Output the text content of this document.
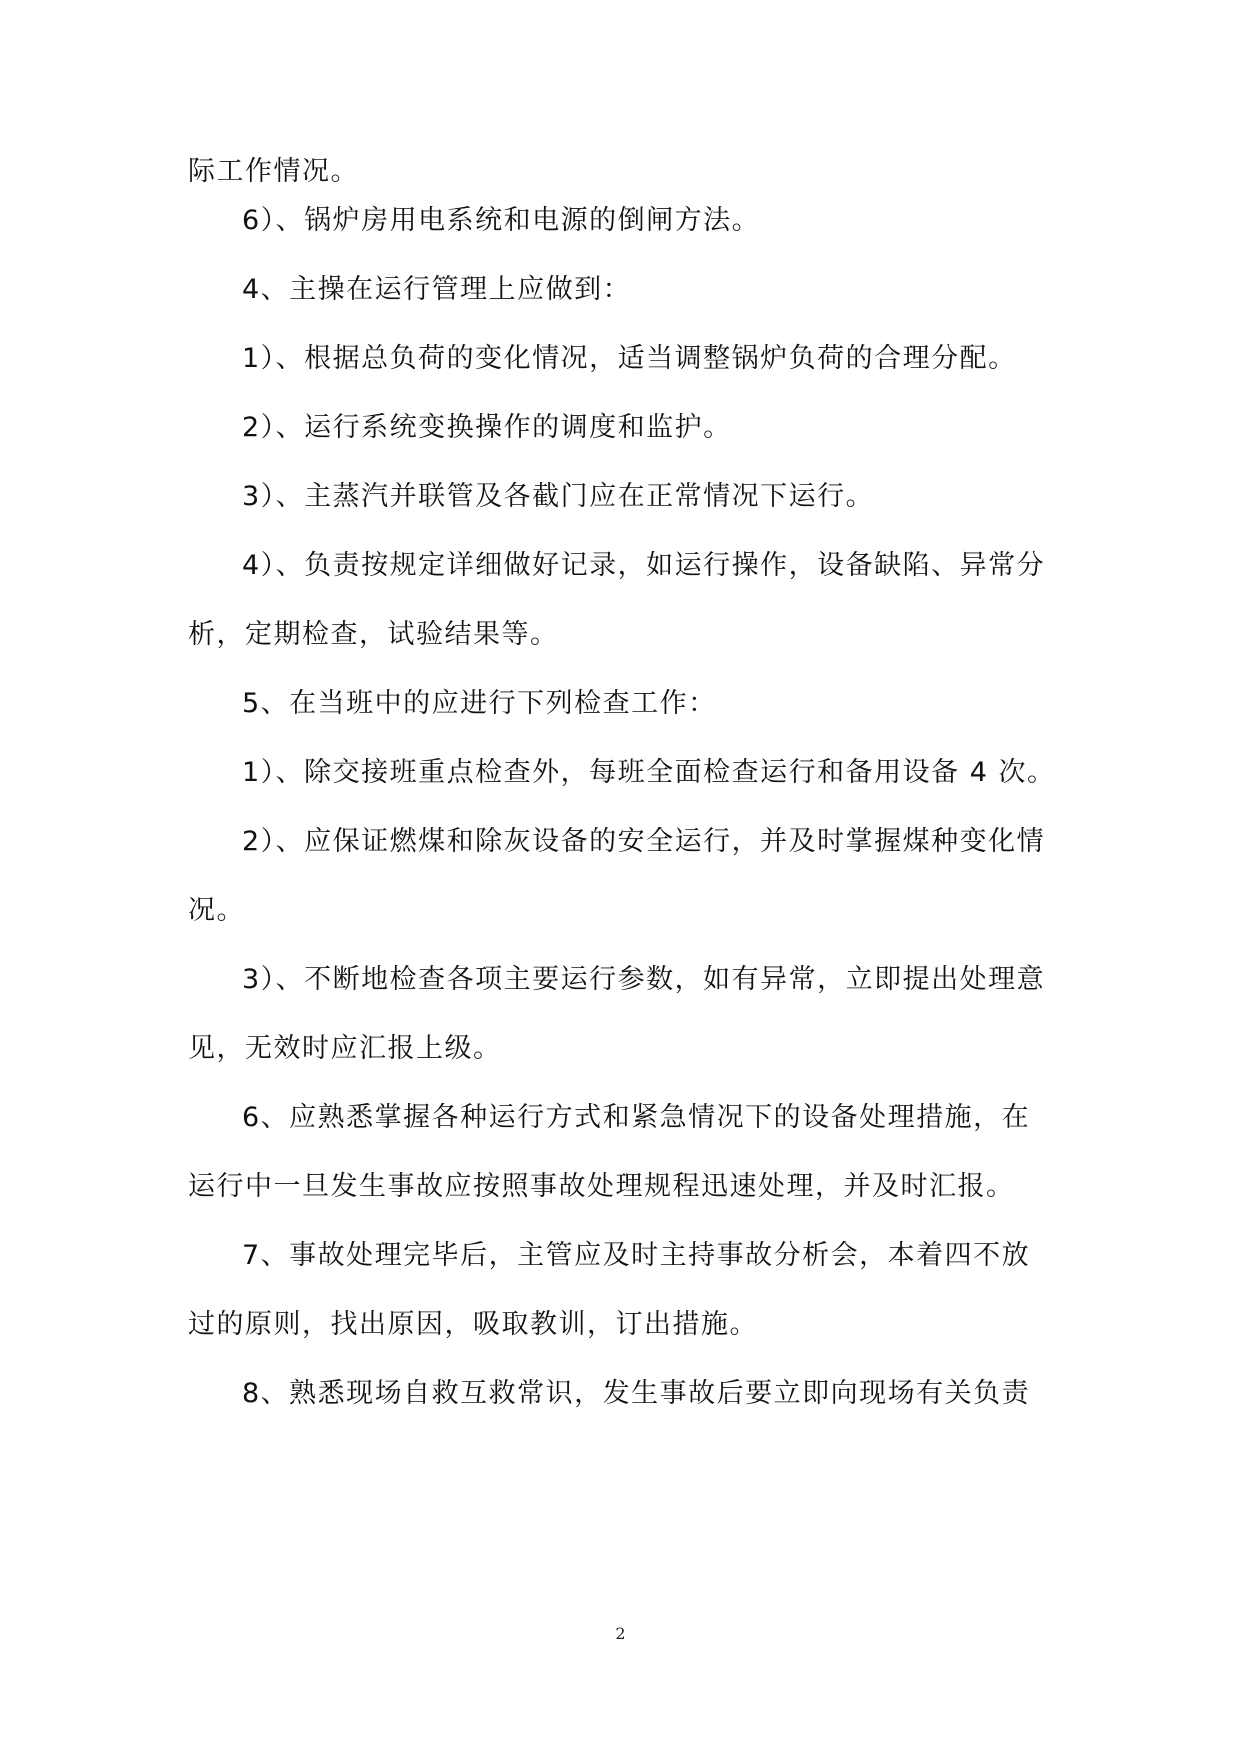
际工作情况。
6）、锅炉房用电系统和电源的倒闸方法。
4、主操在运行管理上应做到：
1）、根据总负荷的变化情况，适当调整锅炉负荷的合理分配。
2）、运行系统变换操作的调度和监护。
3）、主蒸汽并联管及各截门应在正常情况下运行。
4）、负责按规定详细做好记录，如运行操作，设备缺陷、异常分
析，定期检查，试验结果等。
5、在当班中的应进行下列检查工作：
1）、除交接班重点检查外，每班全面检查运行和备用设备 4 次。
2）、应保证燃煤和除灰设备的安全运行，并及时掌握煤种变化情
况。
3）、不断地检查各项主要运行参数，如有异常，立即提出处理意
见，无效时应汇报上级。
6、应熟悉掌握各种运行方式和紧急情况下的设备处理措施，在
运行中一旦发生事故应按照事故处理规程迅速处理，并及时汇报。
7、事故处理完毕后，主管应及时主持事故分析会，本着四不放
过的原则，找出原因，吸取教训，订出措施。
8、熟悉现场自救互救常识，发生事故后要立即向现场有关负责
2
